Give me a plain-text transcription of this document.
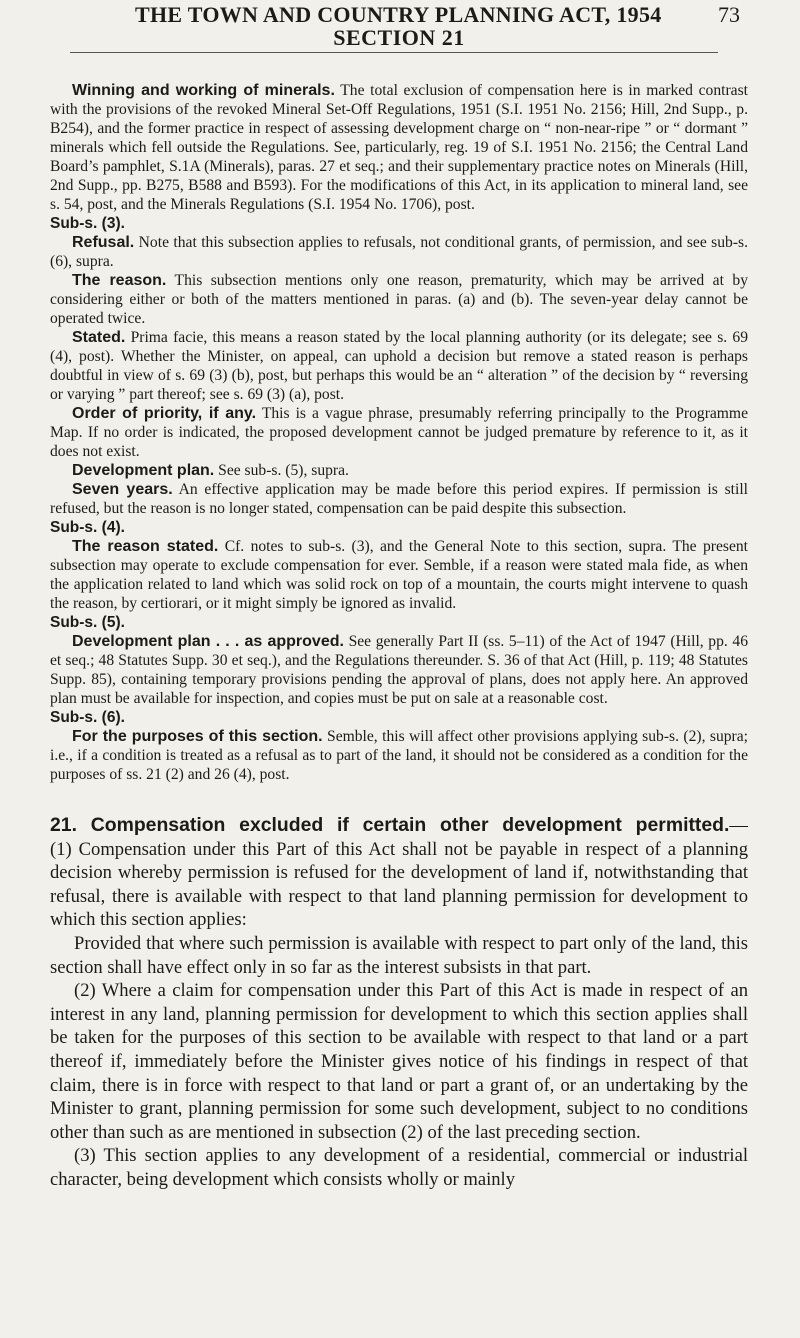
THE TOWN AND COUNTRY PLANNING ACT, 1954	73
SECTION 21

Winning and working of minerals. The total exclusion of compensation here is in marked contrast with the provisions of the revoked Mineral Set-Off Regulations, 1951 (S.I. 1951 No. 2156; Hill, 2nd Supp., p. B254), and the former practice in respect of assessing development charge on “ non-near-ripe ” or “ dormant ” minerals which fell outside the Regulations. See, particularly, reg. 19 of S.I. 1951 No. 2156; the Central Land Board’s pamphlet, S.1A (Minerals), paras. 27 et seq.; and their supplementary practice notes on Minerals (Hill, 2nd Supp., pp. B275, B588 and B593). For the modifications of this Act, in its application to mineral land, see s. 54, post, and the Minerals Regulations (S.I. 1954 No. 1706), post.

Sub-s. (3).

Refusal. Note that this subsection applies to refusals, not conditional grants, of permission, and see sub-s. (6), supra.

The reason. This subsection mentions only one reason, prematurity, which may be arrived at by considering either or both of the matters mentioned in paras. (a) and (b). The seven-year delay cannot be operated twice.

Stated. Prima facie, this means a reason stated by the local planning authority (or its delegate; see s. 69 (4), post). Whether the Minister, on appeal, can uphold a decision but remove a stated reason is perhaps doubtful in view of s. 69 (3) (b), post, but perhaps this would be an “ alteration ” of the decision by “ reversing or varying ” part thereof; see s. 69 (3) (a), post.

Order of priority, if any. This is a vague phrase, presumably referring principally to the Programme Map. If no order is indicated, the proposed development cannot be judged premature by reference to it, as it does not exist.

Development plan. See sub-s. (5), supra.

Seven years. An effective application may be made before this period expires. If permission is still refused, but the reason is no longer stated, compensation can be paid despite this subsection.

Sub-s. (4).

The reason stated. Cf. notes to sub-s. (3), and the General Note to this section, supra. The present subsection may operate to exclude compensation for ever. Semble, if a reason were stated mala fide, as when the application related to land which was solid rock on top of a mountain, the courts might intervene to quash the reason, by certiorari, or it might simply be ignored as invalid.

Sub-s. (5).

Development plan . . . as approved. See generally Part II (ss. 5–11) of the Act of 1947 (Hill, pp. 46 et seq.; 48 Statutes Supp. 30 et seq.), and the Regulations thereunder. S. 36 of that Act (Hill, p. 119; 48 Statutes Supp. 85), containing temporary provisions pending the approval of plans, does not apply here. An approved plan must be available for inspection, and copies must be put on sale at a reasonable cost.

Sub-s. (6).

For the purposes of this section. Semble, this will affect other provisions applying sub-s. (2), supra; i.e., if a condition is treated as a refusal as to part of the land, it should not be considered as a condition for the purposes of ss. 21 (2) and 26 (4), post.

21. Compensation excluded if certain other development permitted.—(1) Compensation under this Part of this Act shall not be payable in respect of a planning decision whereby permission is refused for the development of land if, notwithstanding that refusal, there is available with respect to that land planning permission for development to which this section applies:

Provided that where such permission is available with respect to part only of the land, this section shall have effect only in so far as the interest subsists in that part.

(2) Where a claim for compensation under this Part of this Act is made in respect of an interest in any land, planning permission for development to which this section applies shall be taken for the purposes of this section to be available with respect to that land or a part thereof if, immediately before the Minister gives notice of his findings in respect of that claim, there is in force with respect to that land or part a grant of, or an undertaking by the Minister to grant, planning permission for some such development, subject to no conditions other than such as are mentioned in subsection (2) of the last preceding section.

(3) This section applies to any development of a residential, commercial or industrial character, being development which consists wholly or mainly
